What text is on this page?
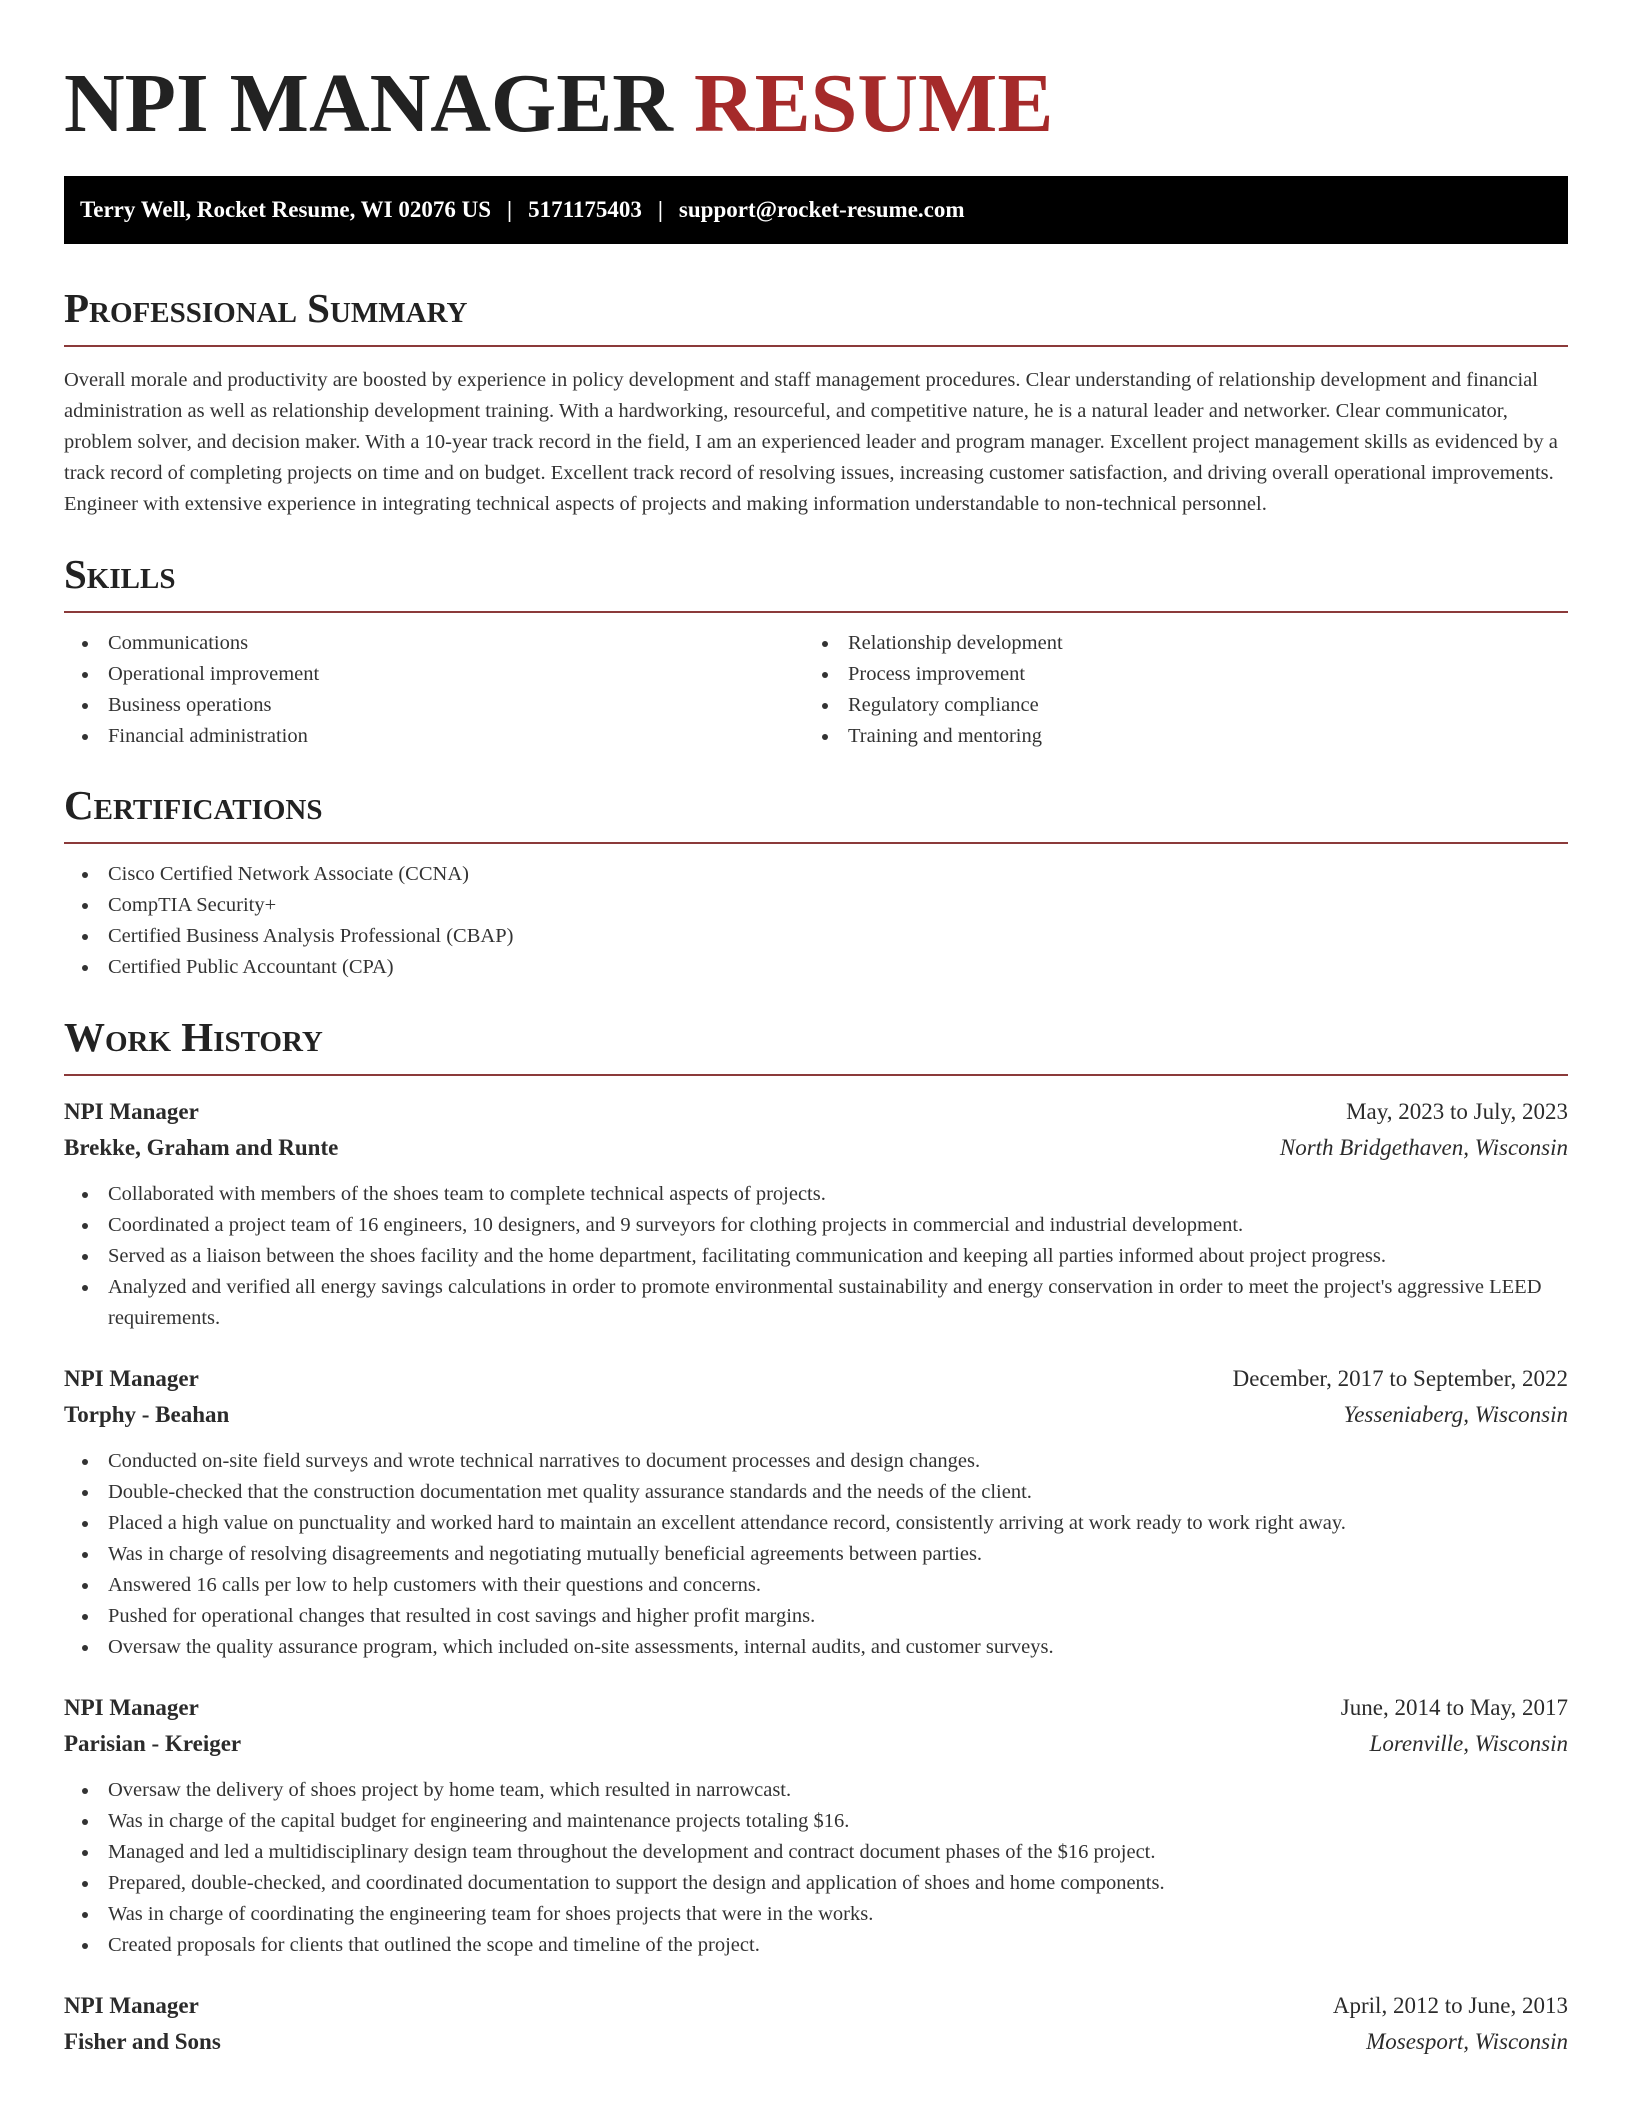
NPI MANAGER RESUME
Terry Well, Rocket Resume, WI 02076 US | 5171175403 | support@rocket-resume.com
Professional Summary

Overall morale and productivity are boosted by experience in policy development and staff management procedures. Clear understanding of relationship development and financial administration as well as relationship development training. With a hardworking, resourceful, and competitive nature, he is a natural leader and networker. Clear communicator, problem solver, and decision maker. With a 10-year track record in the field, I am an experienced leader and program manager. Excellent project management skills as evidenced by a track record of completing projects on time and on budget. Excellent track record of resolving issues, increasing customer satisfaction, and driving overall operational improvements. Engineer with extensive experience in integrating technical aspects of projects and making information understandable to non-technical personnel.

Skills
Communications
Operational improvement
Business operations
Financial administration
Relationship development
Process improvement
Regulatory compliance
Training and mentoring
Certifications
Cisco Certified Network Associate (CCNA)
CompTIA Security+
Certified Business Analysis Professional (CBAP)
Certified Public Accountant (CPA)
Work History
NPI Manager	May, 2023 to July, 2023
Brekke, Graham and Runte	North Bridgethaven, Wisconsin
Collaborated with members of the shoes team to complete technical aspects of projects.
Coordinated a project team of 16 engineers, 10 designers, and 9 surveyors for clothing projects in commercial and industrial development.
Served as a liaison between the shoes facility and the home department, facilitating communication and keeping all parties informed about project progress.
Analyzed and verified all energy savings calculations in order to promote environmental sustainability and energy conservation in order to meet the project's aggressive LEED requirements.
NPI Manager	December, 2017 to September, 2022
Torphy - Beahan	Yesseniaberg, Wisconsin
Conducted on-site field surveys and wrote technical narratives to document processes and design changes.
Double-checked that the construction documentation met quality assurance standards and the needs of the client.
Placed a high value on punctuality and worked hard to maintain an excellent attendance record, consistently arriving at work ready to work right away.
Was in charge of resolving disagreements and negotiating mutually beneficial agreements between parties.
Answered 16 calls per low to help customers with their questions and concerns.
Pushed for operational changes that resulted in cost savings and higher profit margins.
Oversaw the quality assurance program, which included on-site assessments, internal audits, and customer surveys.
NPI Manager	June, 2014 to May, 2017
Parisian - Kreiger	Lorenville, Wisconsin
Oversaw the delivery of shoes project by home team, which resulted in narrowcast.
Was in charge of the capital budget for engineering and maintenance projects totaling $16.
Managed and led a multidisciplinary design team throughout the development and contract document phases of the $16 project.
Prepared, double-checked, and coordinated documentation to support the design and application of shoes and home components.
Was in charge of coordinating the engineering team for shoes projects that were in the works.
Created proposals for clients that outlined the scope and timeline of the project.
NPI Manager	April, 2012 to June, 2013
Fisher and Sons	Mosesport, Wisconsin
